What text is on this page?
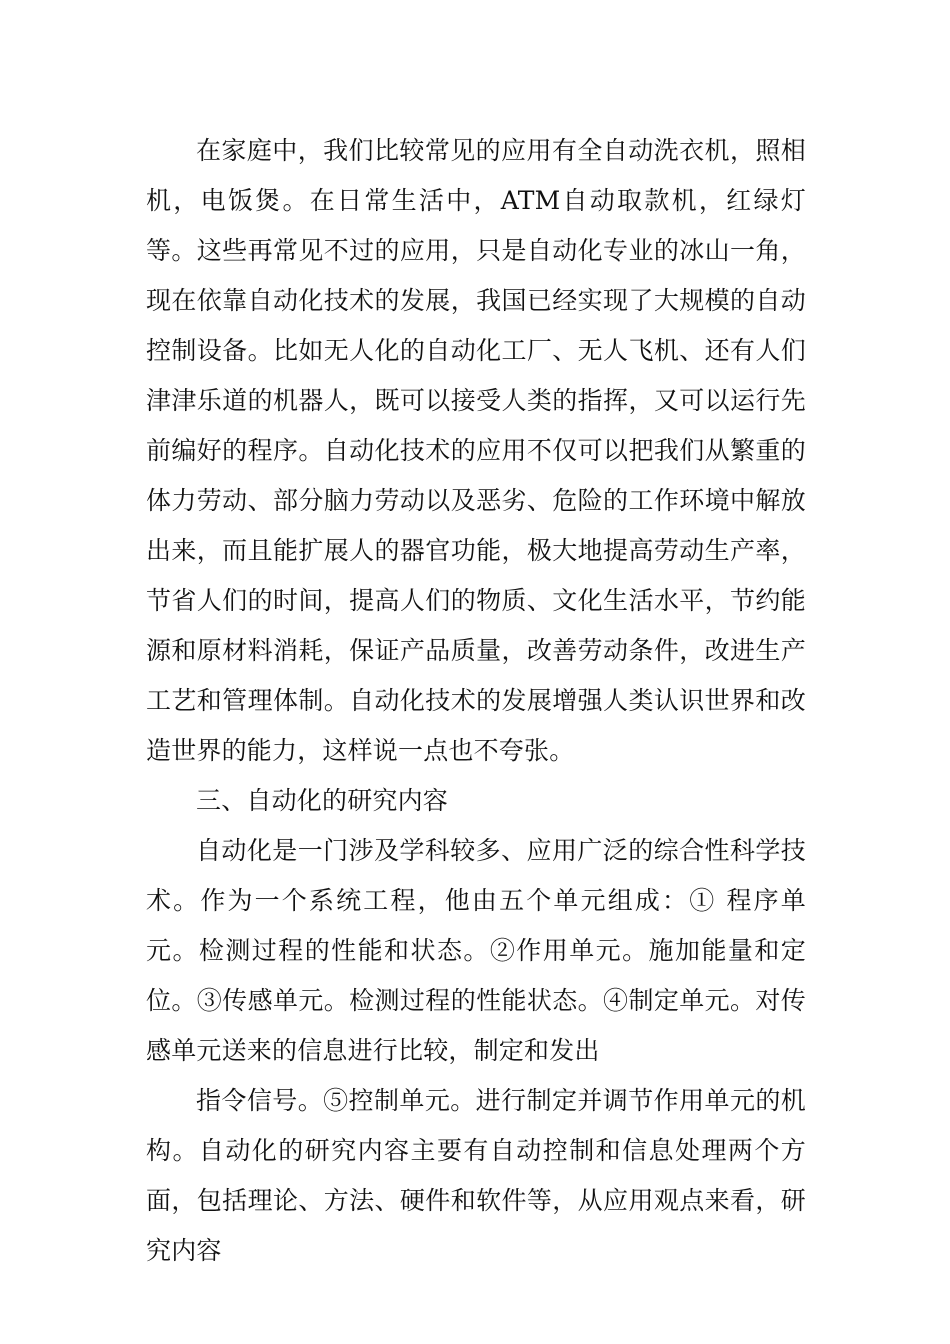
在家庭中，我们比较常见的应用有全自动洗衣机，照相机，电饭煲。在日常生活中，ATM自动取款机，红绿灯等。这些再常见不过的应用，只是自动化专业的冰山一角，现在依靠自动化技术的发展，我国已经实现了大规模的自动控制设备。比如无人化的自动化工厂、无人飞机、还有人们津津乐道的机器人，既可以接受人类的指挥，又可以运行先前编好的程序。自动化技术的应用不仅可以把我们从繁重的体力劳动、部分脑力劳动以及恶劣、危险的工作环境中解放出来，而且能扩展人的器官功能，极大地提高劳动生产率，节省人们的时间，提高人们的物质、文化生活水平，节约能源和原材料消耗，保证产品质量，改善劳动条件，改进生产工艺和管理体制。自动化技术的发展增强人类认识世界和改造世界的能力，这样说一点也不夸张。

三、自动化的研究内容

自动化是一门涉及学科较多、应用广泛的综合性科学技术。作为一个系统工程，他由五个单元组成：① 程序单元。检测过程的性能和状态。②作用单元。施加能量和定位。③传感单元。检测过程的性能状态。④制定单元。对传感单元送来的信息进行比较，制定和发出

指令信号。⑤控制单元。进行制定并调节作用单元的机构。自动化的研究内容主要有自动控制和信息处理两个方面，包括理论、方法、硬件和软件等，从应用观点来看，研究内容
